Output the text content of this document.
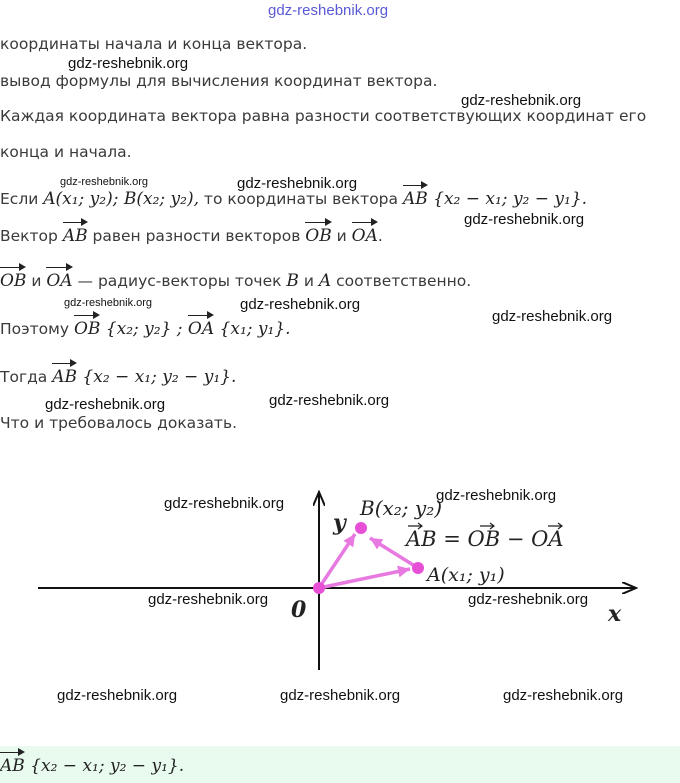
gdz-reshebnik.org
координаты начала и конца вектора.
gdz-reshebnik.org
вывод формулы для вычисления координат вектора.
gdz-reshebnik.org
Каждая координата вектора равна разности соответствующих координат его
конца и начала.
gdz-reshebnik.org	gdz-reshebnik.org
Если A(x₁; y₂); B(x₂; y₂), то координаты вектора AB {x₂ − x₁; y₂ − y₁}.
gdz-reshebnik.org
Вектор AB равен разности векторов OB и OA.
OB и OA — радиус-векторы точек B и A соответственно.
gdz-reshebnik.org	gdz-reshebnik.org
gdz-reshebnik.org
Поэтому OB {x₂; y₂} ; OA {x₁; y₁}.
Тогда AB {x₂ − x₁; y₂ − y₁}.
gdz-reshebnik.org	gdz-reshebnik.org
Что и требовалось доказать.
B(x₂; y₂)
A(x₁; y₁)
y
x
0
AB = OB − OA
gdz-reshebnik.org
gdz-reshebnik.org
gdz-reshebnik.org	gdz-reshebnik.org
gdz-reshebnik.org	gdz-reshebnik.org	gdz-reshebnik.org
AB {x₂ − x₁; y₂ − y₁}.
